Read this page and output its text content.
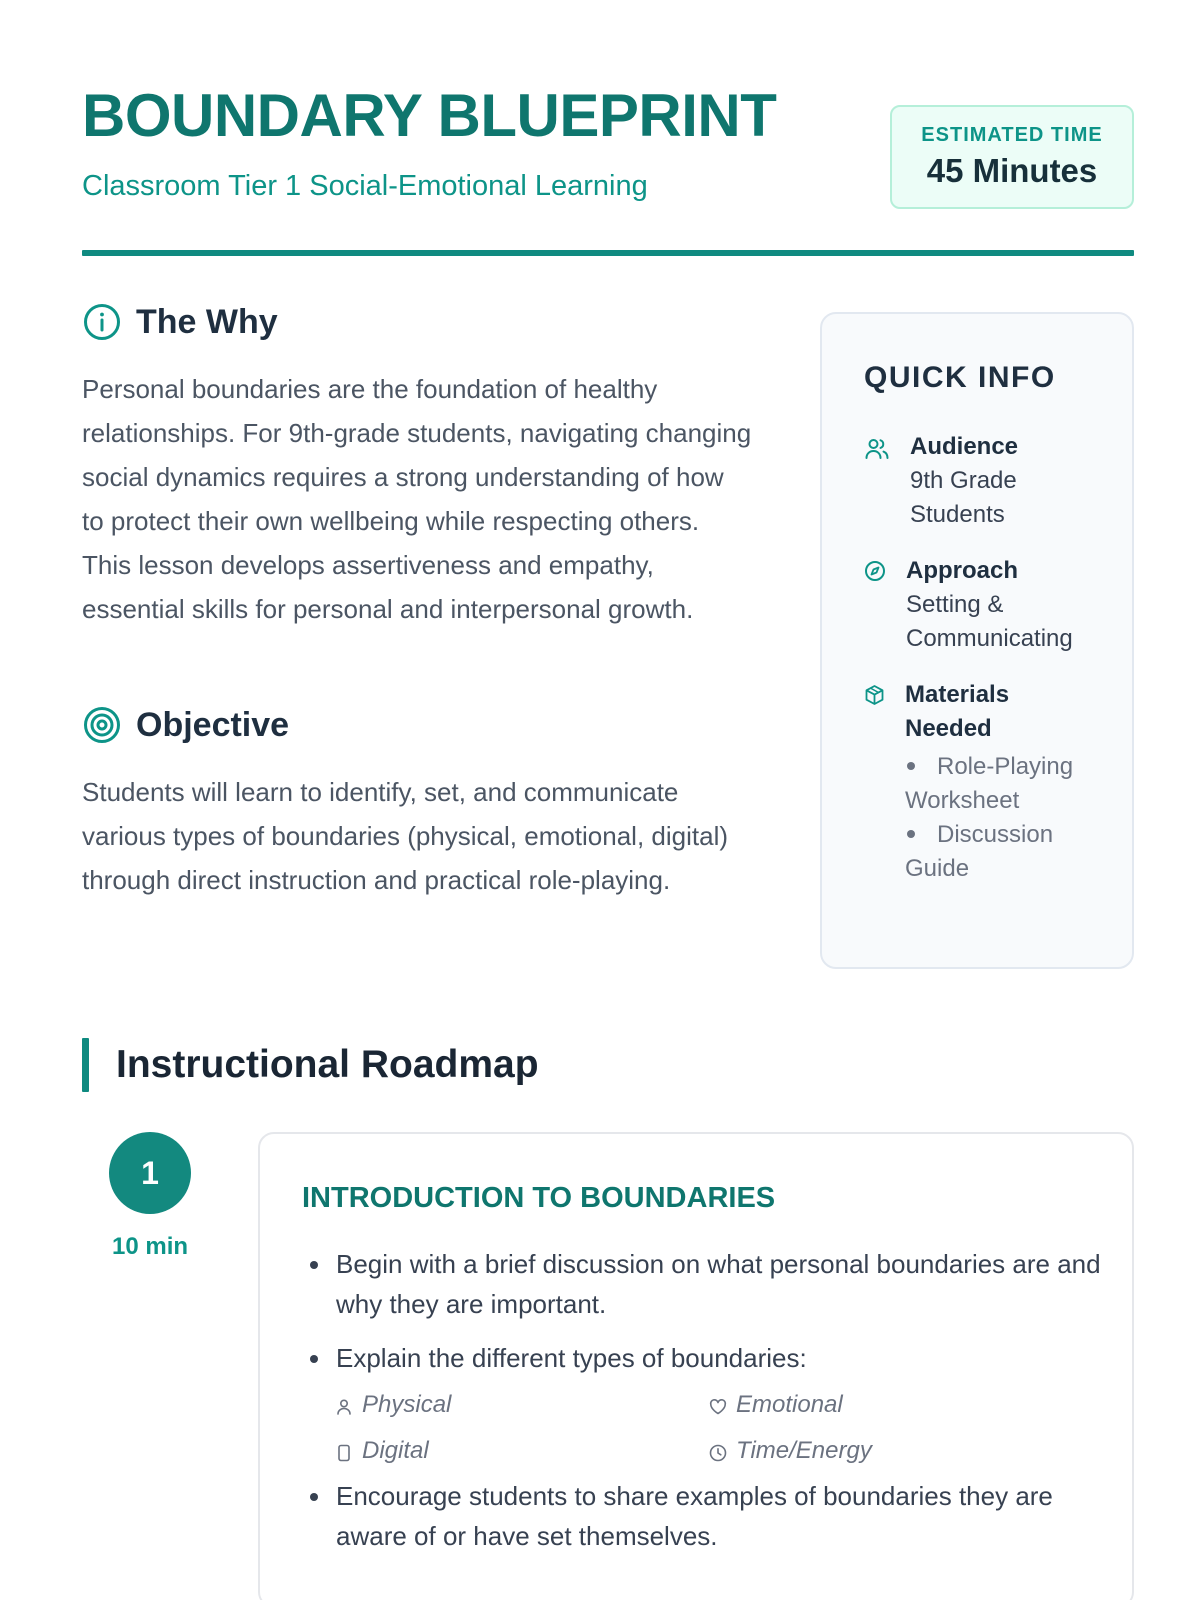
BOUNDARY BLUEPRINT
Classroom Tier 1 Social-Emotional Learning
ESTIMATED TIME
45 Minutes
The Why

Personal boundaries are the foundation of healthy relationships. For 9th-grade students, navigating changing social dynamics requires a strong understanding of how to protect their own wellbeing while respecting others. This lesson develops assertiveness and empathy, essential skills for personal and interpersonal growth.

Objective

Students will learn to identify, set, and communicate various types of boundaries (physical, emotional, digital) through direct instruction and practical role-playing.

QUICK INFO
Audience
9th Grade
Students
Approach
Setting &
Communicating
Materials
Needed
Role-Playing
Worksheet
Discussion
Guide
Instructional Roadmap
1
10 min
INTRODUCTION TO BOUNDARIES
Begin with a brief discussion on what personal boundaries are and why they are important.
Explain the different types of boundaries:
Physical	Emotional
Digital	Time/Energy
Encourage students to share examples of boundaries they are aware of or have set themselves.
